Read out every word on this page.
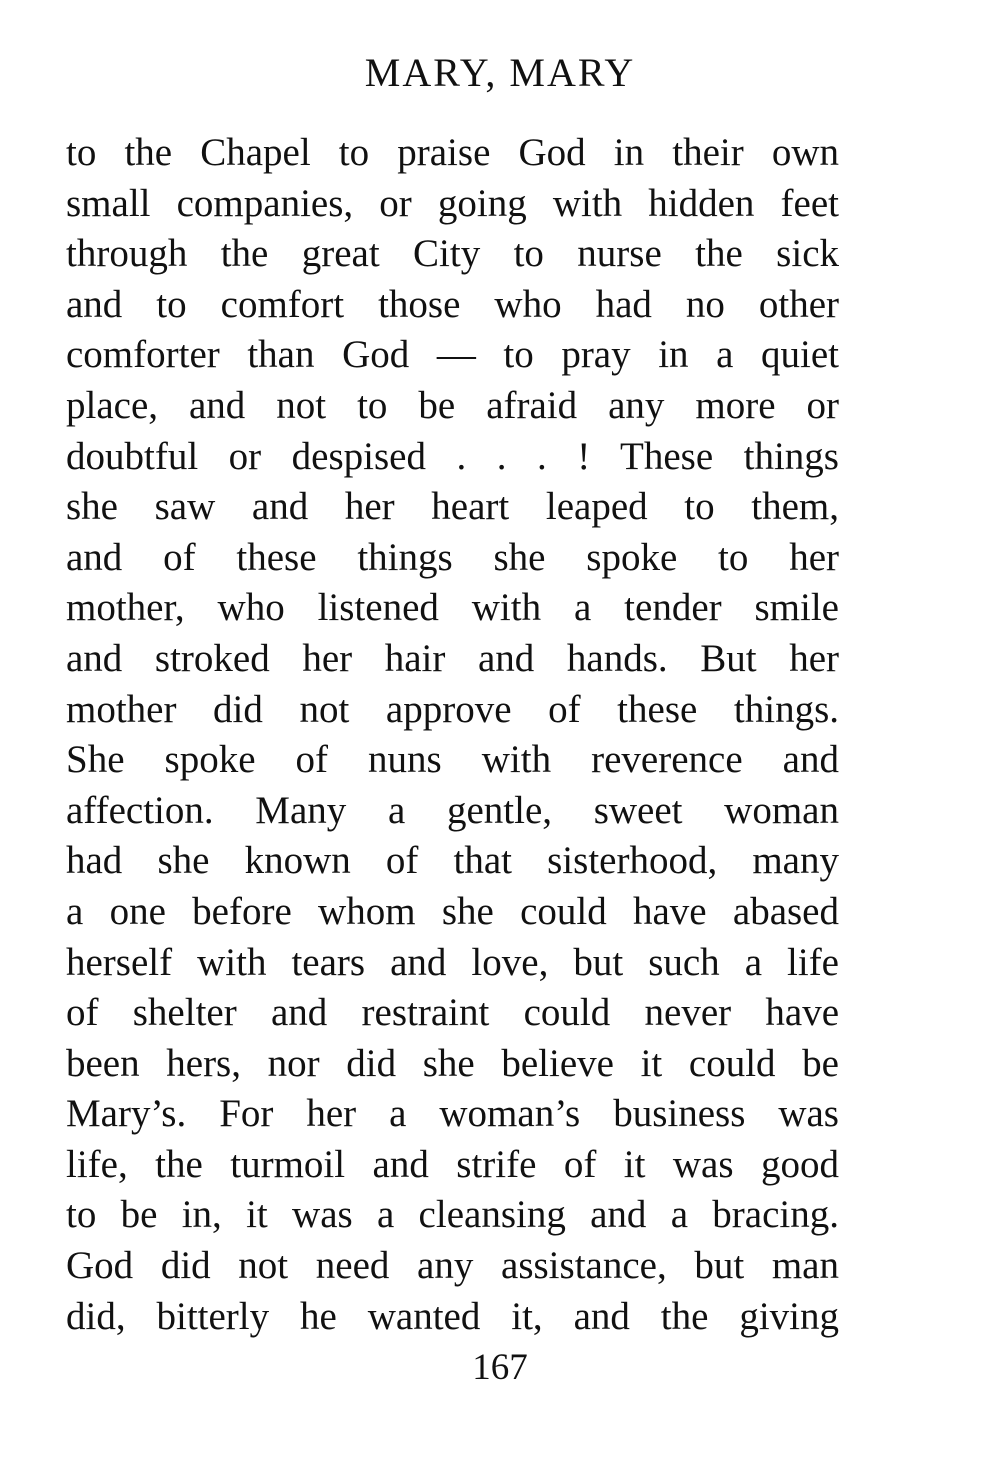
MARY, MARY
to the Chapel to praise God in their own
small companies, or going with hidden feet
through the great City to nurse the sick
and to comfort those who had no other
comforter than God — to pray in a quiet
place, and not to be afraid any more or
doubtful or despised . . . ! These things
she saw and her heart leaped to them,
and of these things she spoke to her
mother, who listened with a tender smile
and stroked her hair and hands. But her
mother did not approve of these things.
She spoke of nuns with reverence and
affection. Many a gentle, sweet woman
had she known of that sisterhood, many
a one before whom she could have abased
herself with tears and love, but such a life
of shelter and restraint could never have
been hers, nor did she believe it could be
Mary’s. For her a woman’s business was
life, the turmoil and strife of it was good
to be in, it was a cleansing and a bracing.
God did not need any assistance, but man
did, bitterly he wanted it, and the giving
167
